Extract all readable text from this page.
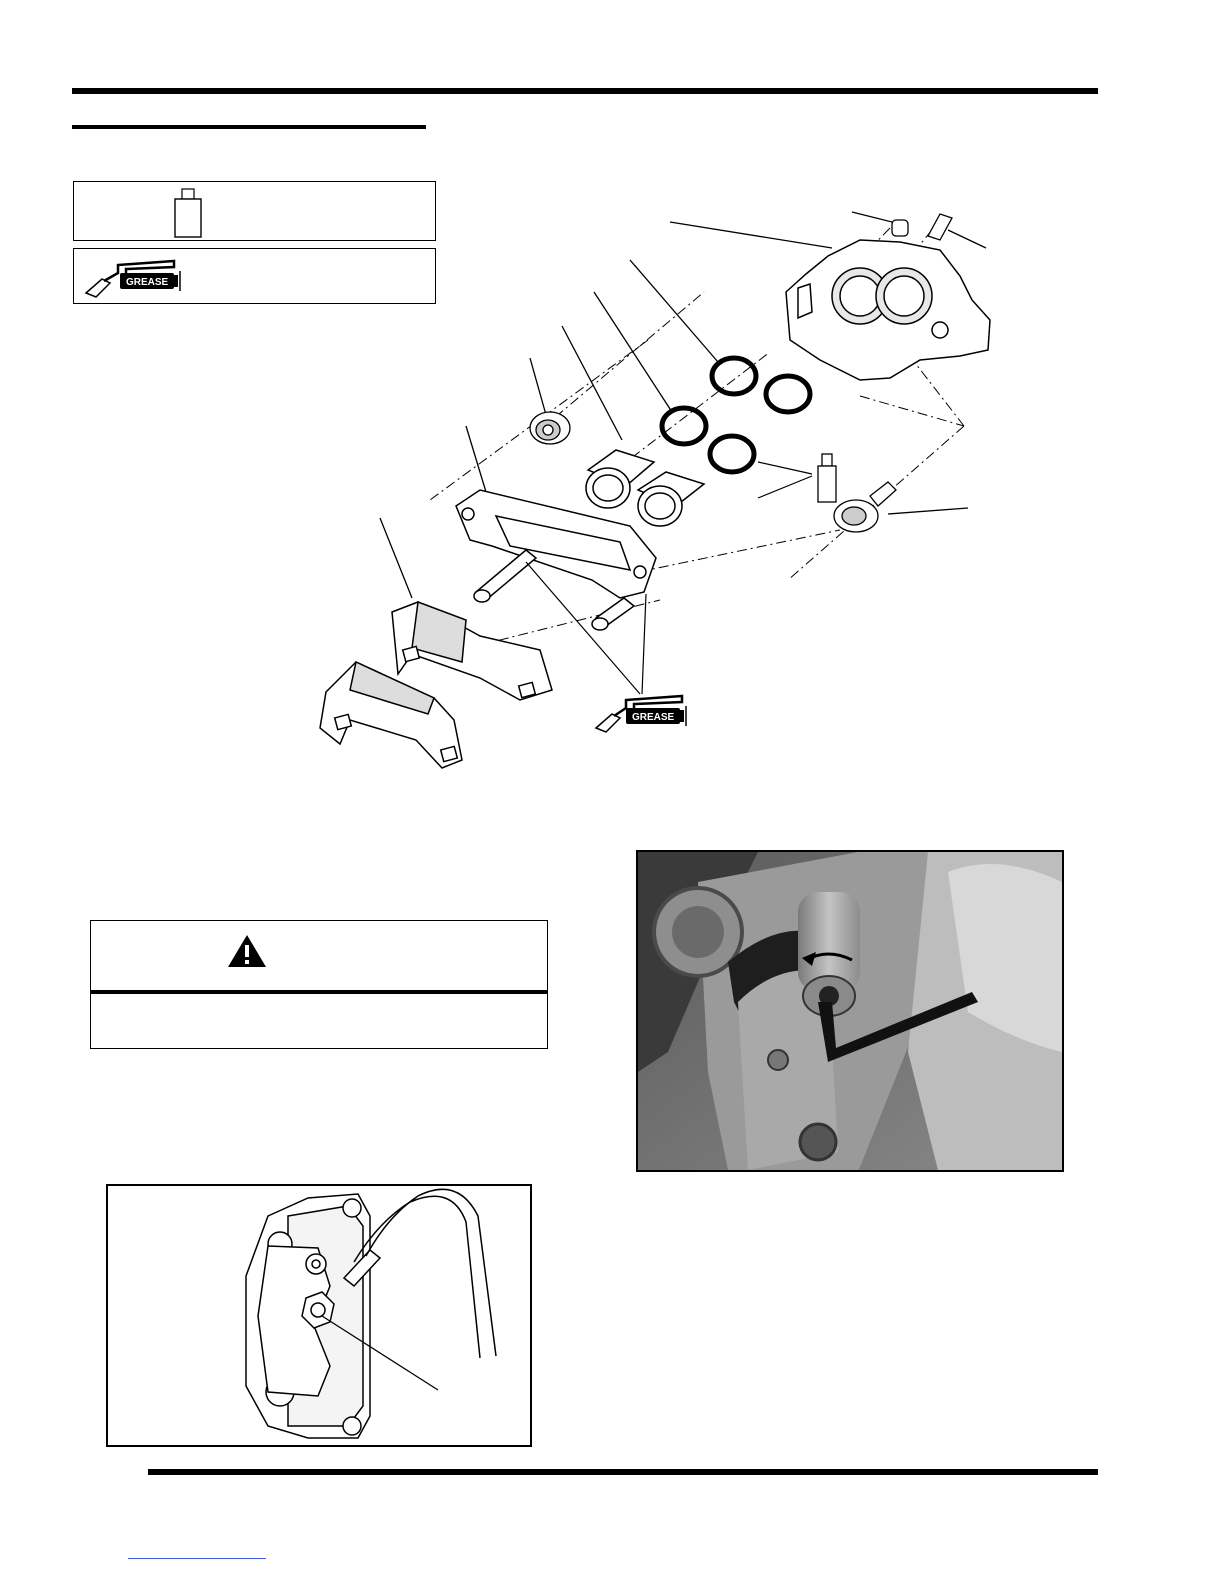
GREASE
GREASE
